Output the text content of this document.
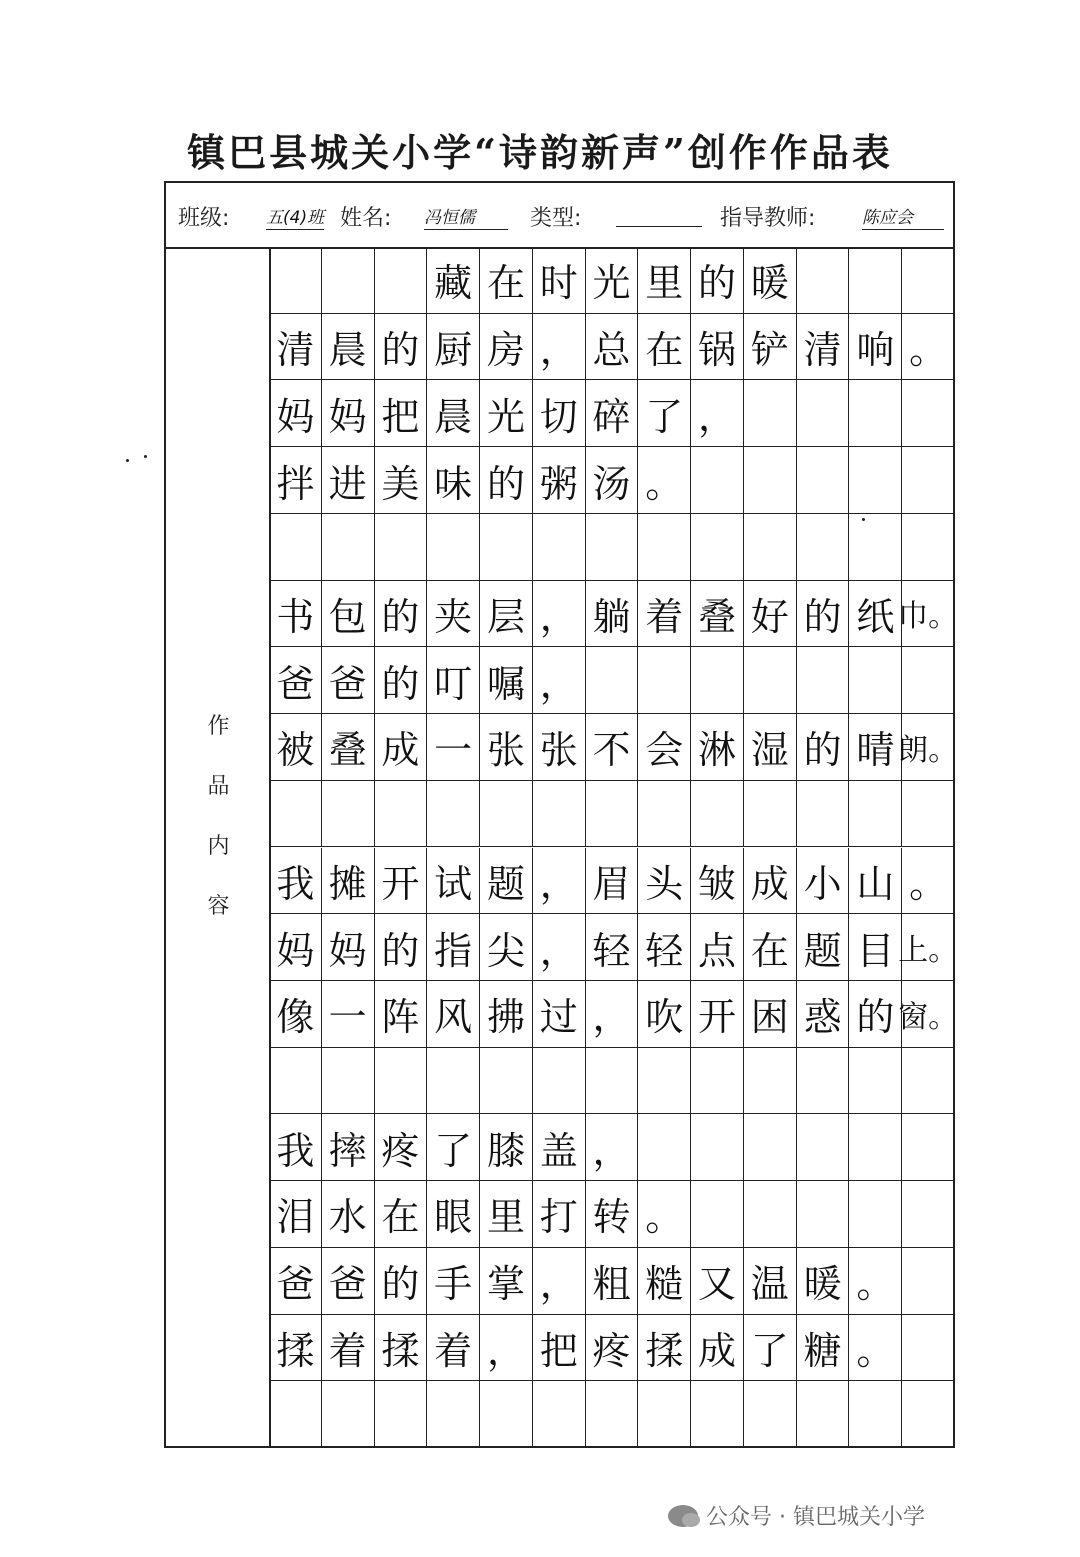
镇巴县城关小学“诗韵新声”创作作品表
班级: 五(4)班 姓名: 冯恒儒	类型:	指导教师:	陈应会
作
品
内
容
藏 在 时 光 里 的 暖
清 晨 的 厨 房 ， 总 在 锅 铲 清 响 。
妈 妈 把 晨 光 切 碎 了 ，
拌 进 美 味 的 粥 汤 。
书 包 的 夹 层 ， 躺 着 叠 好 的 纸 巾。
爸 爸 的 叮 嘱 ，
被 叠 成 一 张 张 不 会 淋 湿 的 晴 朗。
我 摊 开 试 题 ， 眉 头 皱 成 小 山 。
妈 妈 的 指 尖 ， 轻 轻 点 在 题 目 上。
像 一 阵 风 拂 过 ， 吹 开 困 惑 的 窗。
我 摔 疼 了 膝 盖 ，
泪 水 在 眼 里 打 转 。
爸 爸 的 手 掌 ， 粗 糙 又 温 暖 。
揉 着 揉 着 ， 把 疼 揉 成 了 糖 。
公众号 · 镇巴城关小学
